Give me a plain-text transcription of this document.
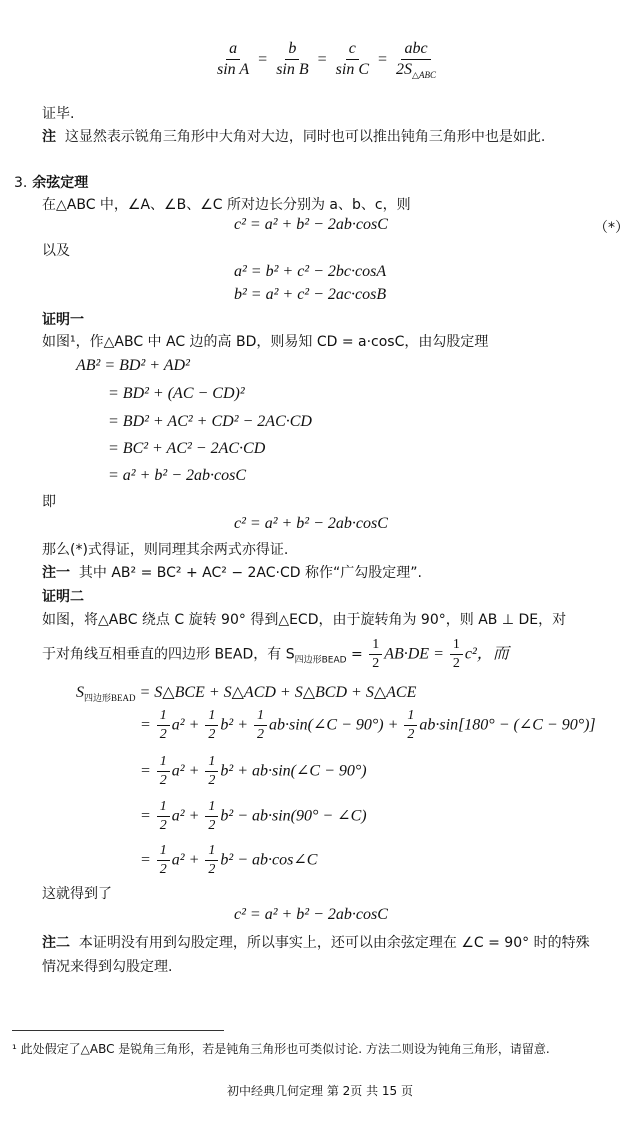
$\frac{a}{\text{sin A}} = \frac{b}{\text{sin B}} = \frac{c}{\text{sin C}} = \frac{\text{abc}}{2S_{\triangle ABC}}$
证毕.
注 这显然表示锐角三角形中大角对大边，同时也可以推出钝角三角形中也是如此.
3. 余弦定理
在△ABC 中，∠A、∠B、∠C 所对边长分别为 a、b、c，则
c² = a² + b² − 2ab·cosC	（*）
以及
a² = b² + c² − 2bc·cosA
b² = a² + c² − 2ac·cosB
证明一
如图¹，作△ABC 中 AC 边的高 BD，则易知 CD = a·cosC，由勾股定理
AB² = BD² + AD²
= BD² + (AC − CD)²
= BD² + AC² + CD² − 2AC·CD
= BC² + AC² − 2AC·CD
= a² + b² − 2ab·cosC
即
c² = a² + b² − 2ab·cosC
那么(*)式得证，则同理其余两式亦得证.
注一 其中 AB² = BC² + AC² − 2AC·CD 称作“广勾股定理”.
证明二
如图，将△ABC 绕点 C 旋转 90° 得到△ECD，由于旋转角为 90°，则 AB ⊥ DE，对
于对角线互相垂直的四边形 BEAD，有 $S_{四边形BEAD} = \frac{1}{2} AB\cdot DE = \frac{1}{2} c^2$，而
$S_{四边形BEAD}$ = S△BCE + S△ACD + S△BCD + S△ACE
= $\frac{1}{2} a^2 + \frac{1}{2} b^2 + \frac{1}{2}$ ab·sin(∠C − $90^\circ) + \frac{1}{2} ab\cdot\sin[180^\circ$ − (∠C − 90°)]
= $\frac{1}{2} a^2 + \frac{1}{2} b^2$ + ab·sin(∠C − 90°)
= $\frac{1}{2} a^2 + \frac{1}{2} b^2 - ab\cdot\sin(90^\circ$ − ∠C)
= $\frac{1}{2} a^2 + \frac{1}{2} b^2$ − ab·cos∠C
这就得到了
c² = a² + b² − 2ab·cosC
注二 本证明没有用到勾股定理，所以事实上，还可以由余弦定理在 ∠C = 90° 时的特殊
情况来得到勾股定理.
¹ 此处假定了△ABC 是锐角三角形，若是钝角三角形也可类似讨论. 方法二则设为钝角三角形，请留意.
初中经典几何定理 第 2页 共 15 页
